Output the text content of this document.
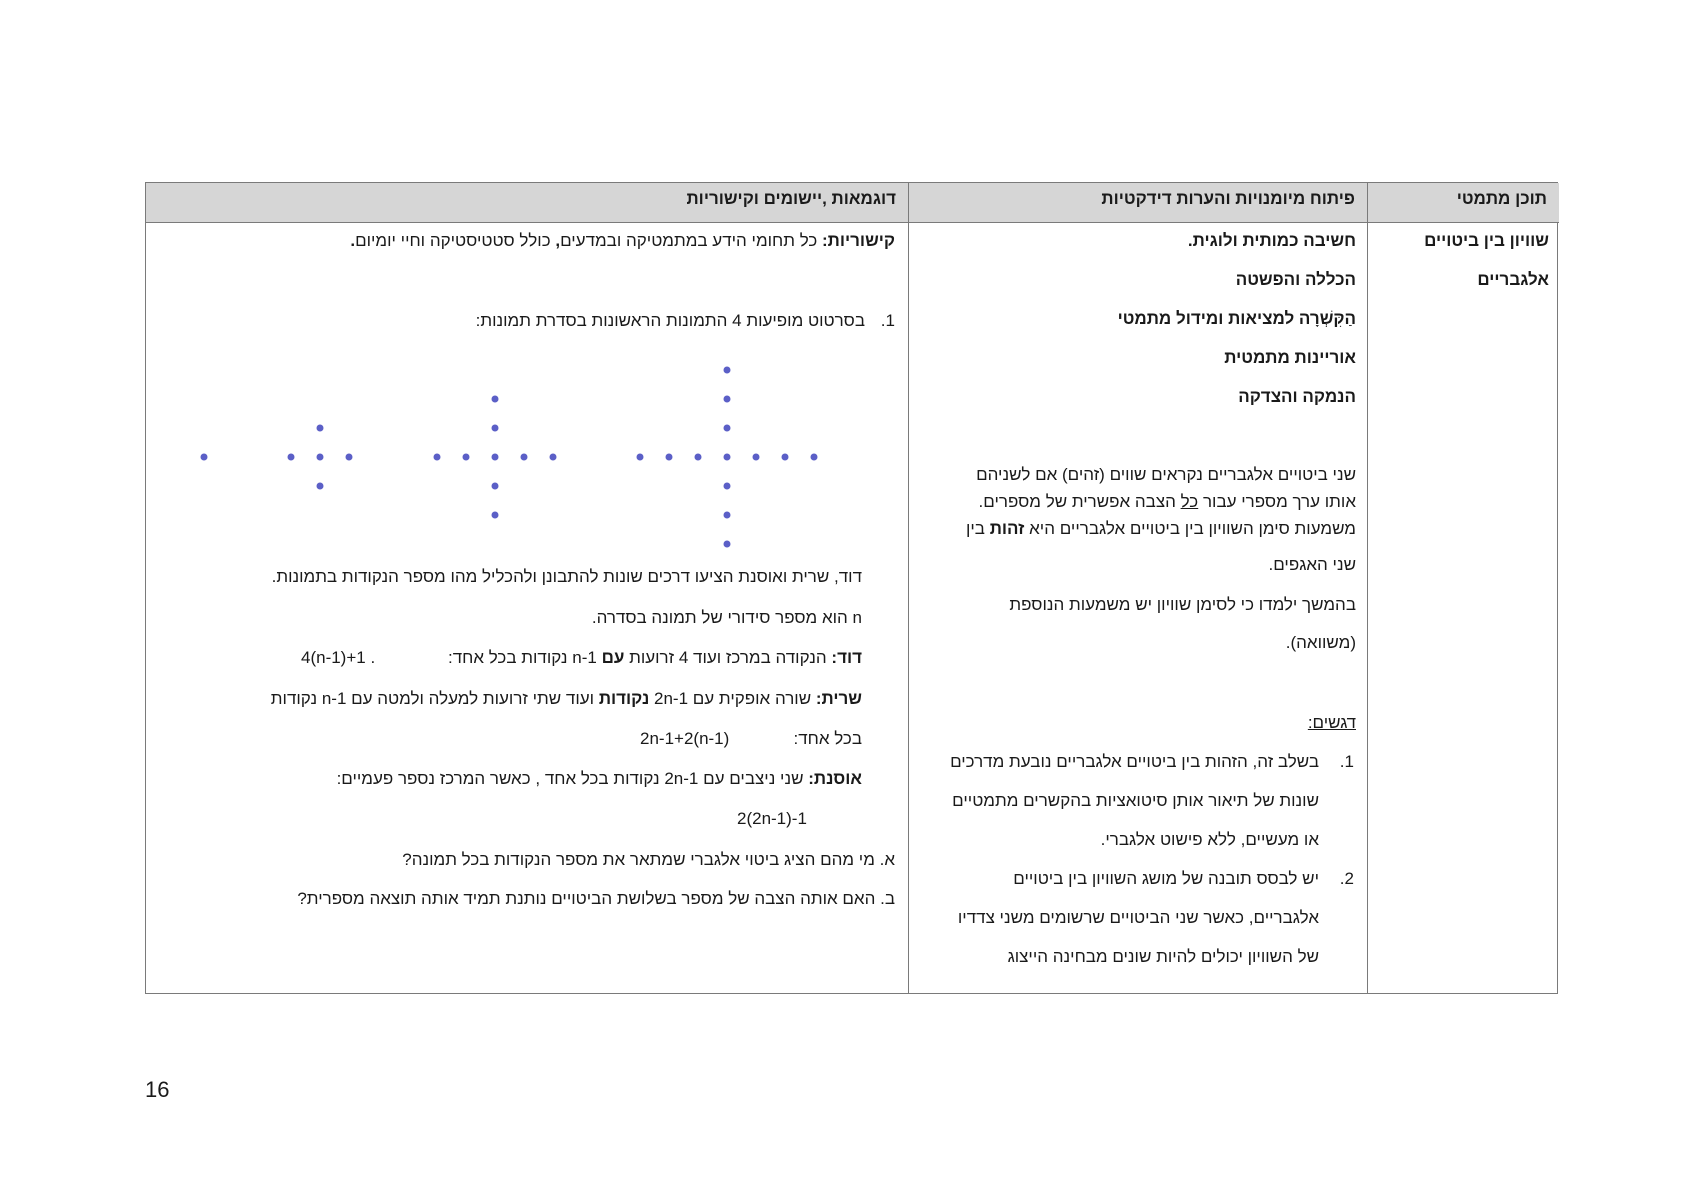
תוכן מתמטי
פיתוח מיומנויות והערות דידקטיות
דוגמאות ,יישומים וקישוריות
שוויון בין ביטויים
אלגבריים
חשיבה כמותית ולוגית.
הכללה והפשטה
הַקִּשְׁרָה למציאות ומידול מתמטי
אוריינות מתמטית
הנמקה והצדקה
שני ביטויים אלגבריים נקראים שווים (זהים) אם לשניהם
אותו ערך מספרי עבור כל הצבה אפשרית של מספרים.
משמעות סימן השוויון בין ביטויים אלגבריים היא זהות בין
שני האגפים.
בהמשך ילמדו כי לסימן שוויון יש משמעות הנוספת
(משוואה).
דגשים:
1.
בשלב זה, הזהות בין ביטויים אלגבריים נובעת מדרכים
שונות של תיאור אותן סיטואציות בהקשרים מתמטיים
או מעשיים, ללא פישוט אלגברי.
2.
יש לבסס תובנה של מושג השוויון בין ביטויים
אלגבריים, כאשר שני הביטויים שרשומים משני צדדיו
של השוויון יכולים להיות שונים מבחינה הייצוג
קישוריות: כל תחומי הידע במתמטיקה ובמדעים, כולל סטטיסטיקה וחיי יומיום.
1.
בסרטוט מופיעות 4 התמונות הראשונות בסדרת תמונות:
דוד, שרית ואוסנת הציעו דרכים שונות להתבונן ולהכליל מהו מספר הנקודות בתמונות.
n הוא מספר סידורי של תמונה בסדרה.
דוד: הנקודה במרכז ועוד 4 זרועות עם n-1 נקודות בכל אחד:
4(n-1)+1 .
שרית: שורה אופקית עם 2n-1 נקודות ועוד שתי זרועות למעלה ולמטה עם n-1 נקודות
בכל אחד:
2n-1+2(n-1)
אוסנת: שני ניצבים עם 2n-1 נקודות בכל אחד , כאשר המרכז נספר פעמיים:
2(2n-1)-1
א. מי מהם הציג ביטוי אלגברי שמתאר את מספר הנקודות בכל תמונה?
ב. האם אותה הצבה של מספר בשלושת הביטויים נותנת תמיד אותה תוצאה מספרית?
16
